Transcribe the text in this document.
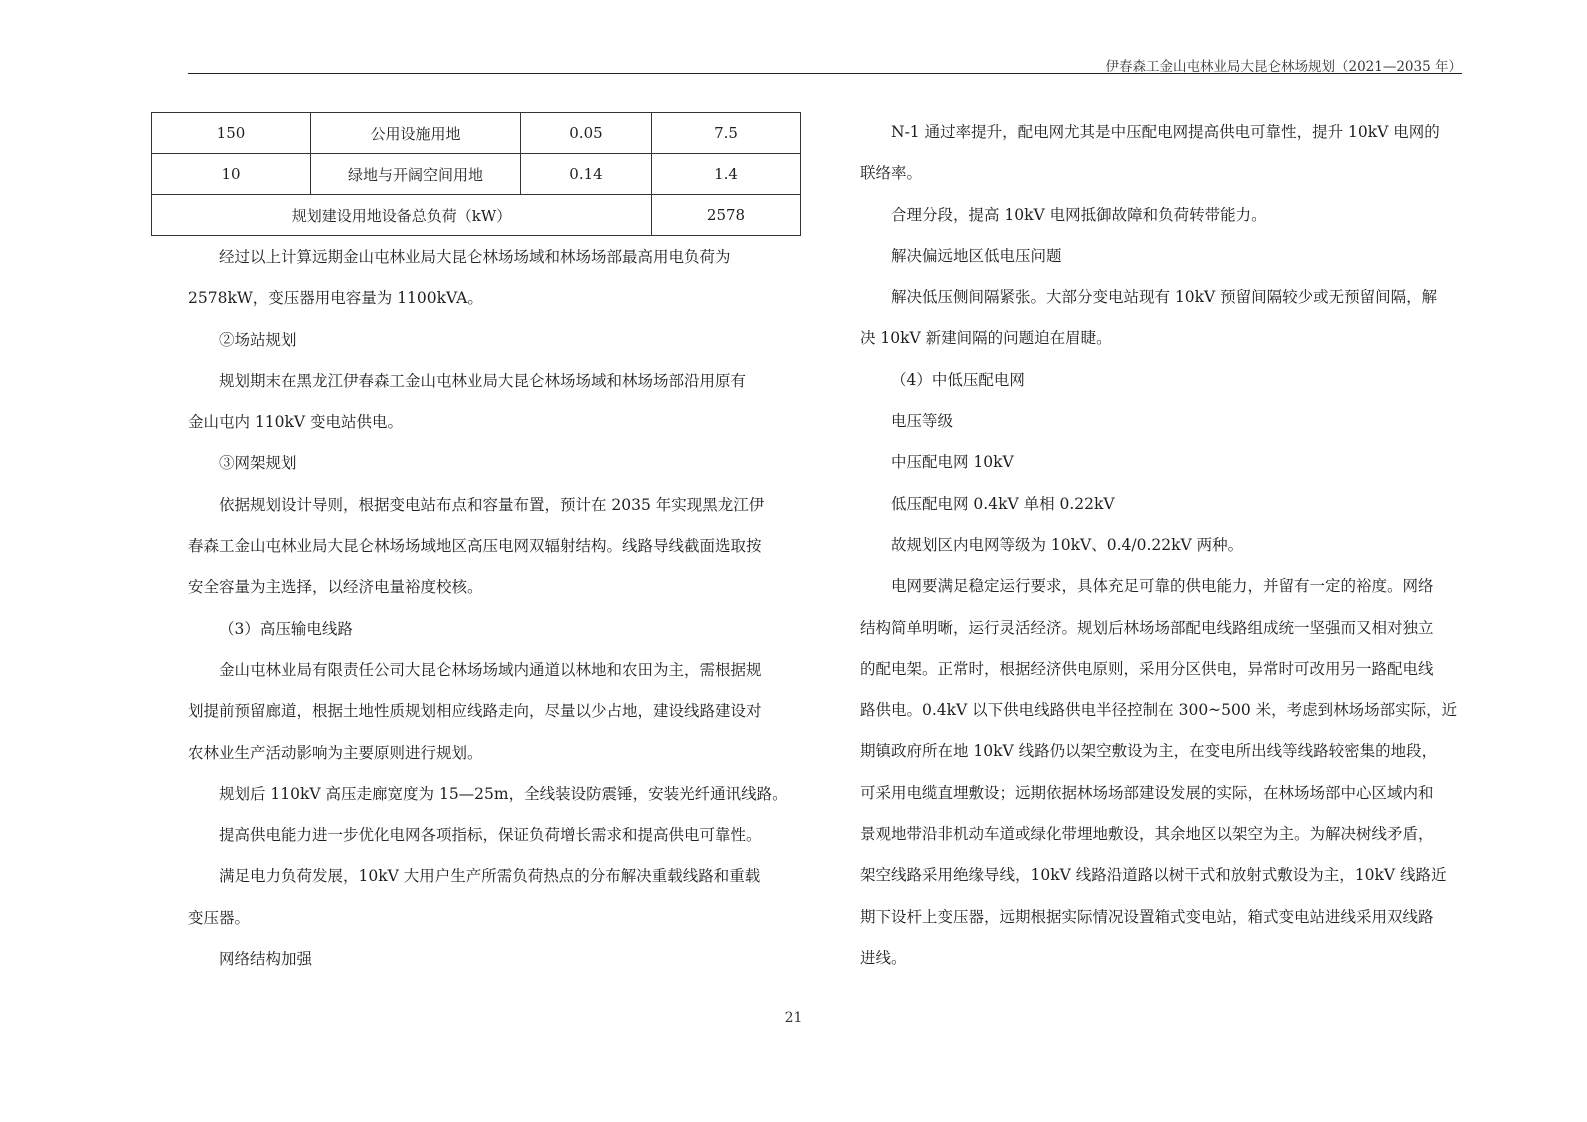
伊春森工金山屯林业局大昆仑林场规划（2021—2035 年）
150	公用设施用地	0.05	7.5
10	绿地与开阔空间用地	0.14	1.4
规划建设用地设备总负荷（kW）			2578

经过以上计算远期金山屯林业局大昆仑林场场域和林场场部最高用电负荷为

2578kW，变压器用电容量为 1100kVA。

②场站规划

规划期末在黑龙江伊春森工金山屯林业局大昆仑林场场域和林场场部沿用原有

金山屯内 110kV 变电站供电。

③网架规划

依据规划设计导则，根据变电站布点和容量布置，预计在 2035 年实现黑龙江伊

春森工金山屯林业局大昆仑林场场域地区高压电网双辐射结构。线路导线截面选取按

安全容量为主选择，以经济电量裕度校核。

（3）高压输电线路

金山屯林业局有限责任公司大昆仑林场场域内通道以林地和农田为主，需根据规

划提前预留廊道，根据土地性质规划相应线路走向，尽量以少占地，建设线路建设对

农林业生产活动影响为主要原则进行规划。

规划后 110kV 高压走廊宽度为 15—25m，全线装设防震锤，安装光纤通讯线路。

提高供电能力进一步优化电网各项指标，保证负荷增长需求和提高供电可靠性。

满足电力负荷发展，10kV 大用户生产所需负荷热点的分布解决重载线路和重载

变压器。

网络结构加强

N-1 通过率提升，配电网尤其是中压配电网提高供电可靠性，提升 10kV 电网的

联络率。

合理分段，提高 10kV 电网抵御故障和负荷转带能力。

解决偏远地区低电压问题

解决低压侧间隔紧张。大部分变电站现有 10kV 预留间隔较少或无预留间隔，解

决 10kV 新建间隔的问题迫在眉睫。

（4）中低压配电网

电压等级

中压配电网 10kV

低压配电网 0.4kV 单相 0.22kV

故规划区内电网等级为 10kV、0.4/0.22kV 两种。

电网要满足稳定运行要求，具体充足可靠的供电能力，并留有一定的裕度。网络

结构简单明晰，运行灵活经济。规划后林场场部配电线路组成统一坚强而又相对独立

的配电架。正常时，根据经济供电原则，采用分区供电，异常时可改用另一路配电线

路供电。0.4kV 以下供电线路供电半径控制在 300~500 米，考虑到林场场部实际，近

期镇政府所在地 10kV 线路仍以架空敷设为主，在变电所出线等线路较密集的地段，

可采用电缆直埋敷设；远期依据林场场部建设发展的实际，在林场场部中心区域内和

景观地带沿非机动车道或绿化带埋地敷设，其余地区以架空为主。为解决树线矛盾，

架空线路采用绝缘导线，10kV 线路沿道路以树干式和放射式敷设为主，10kV 线路近

期下设杆上变压器，远期根据实际情况设置箱式变电站，箱式变电站进线采用双线路

进线。

21
